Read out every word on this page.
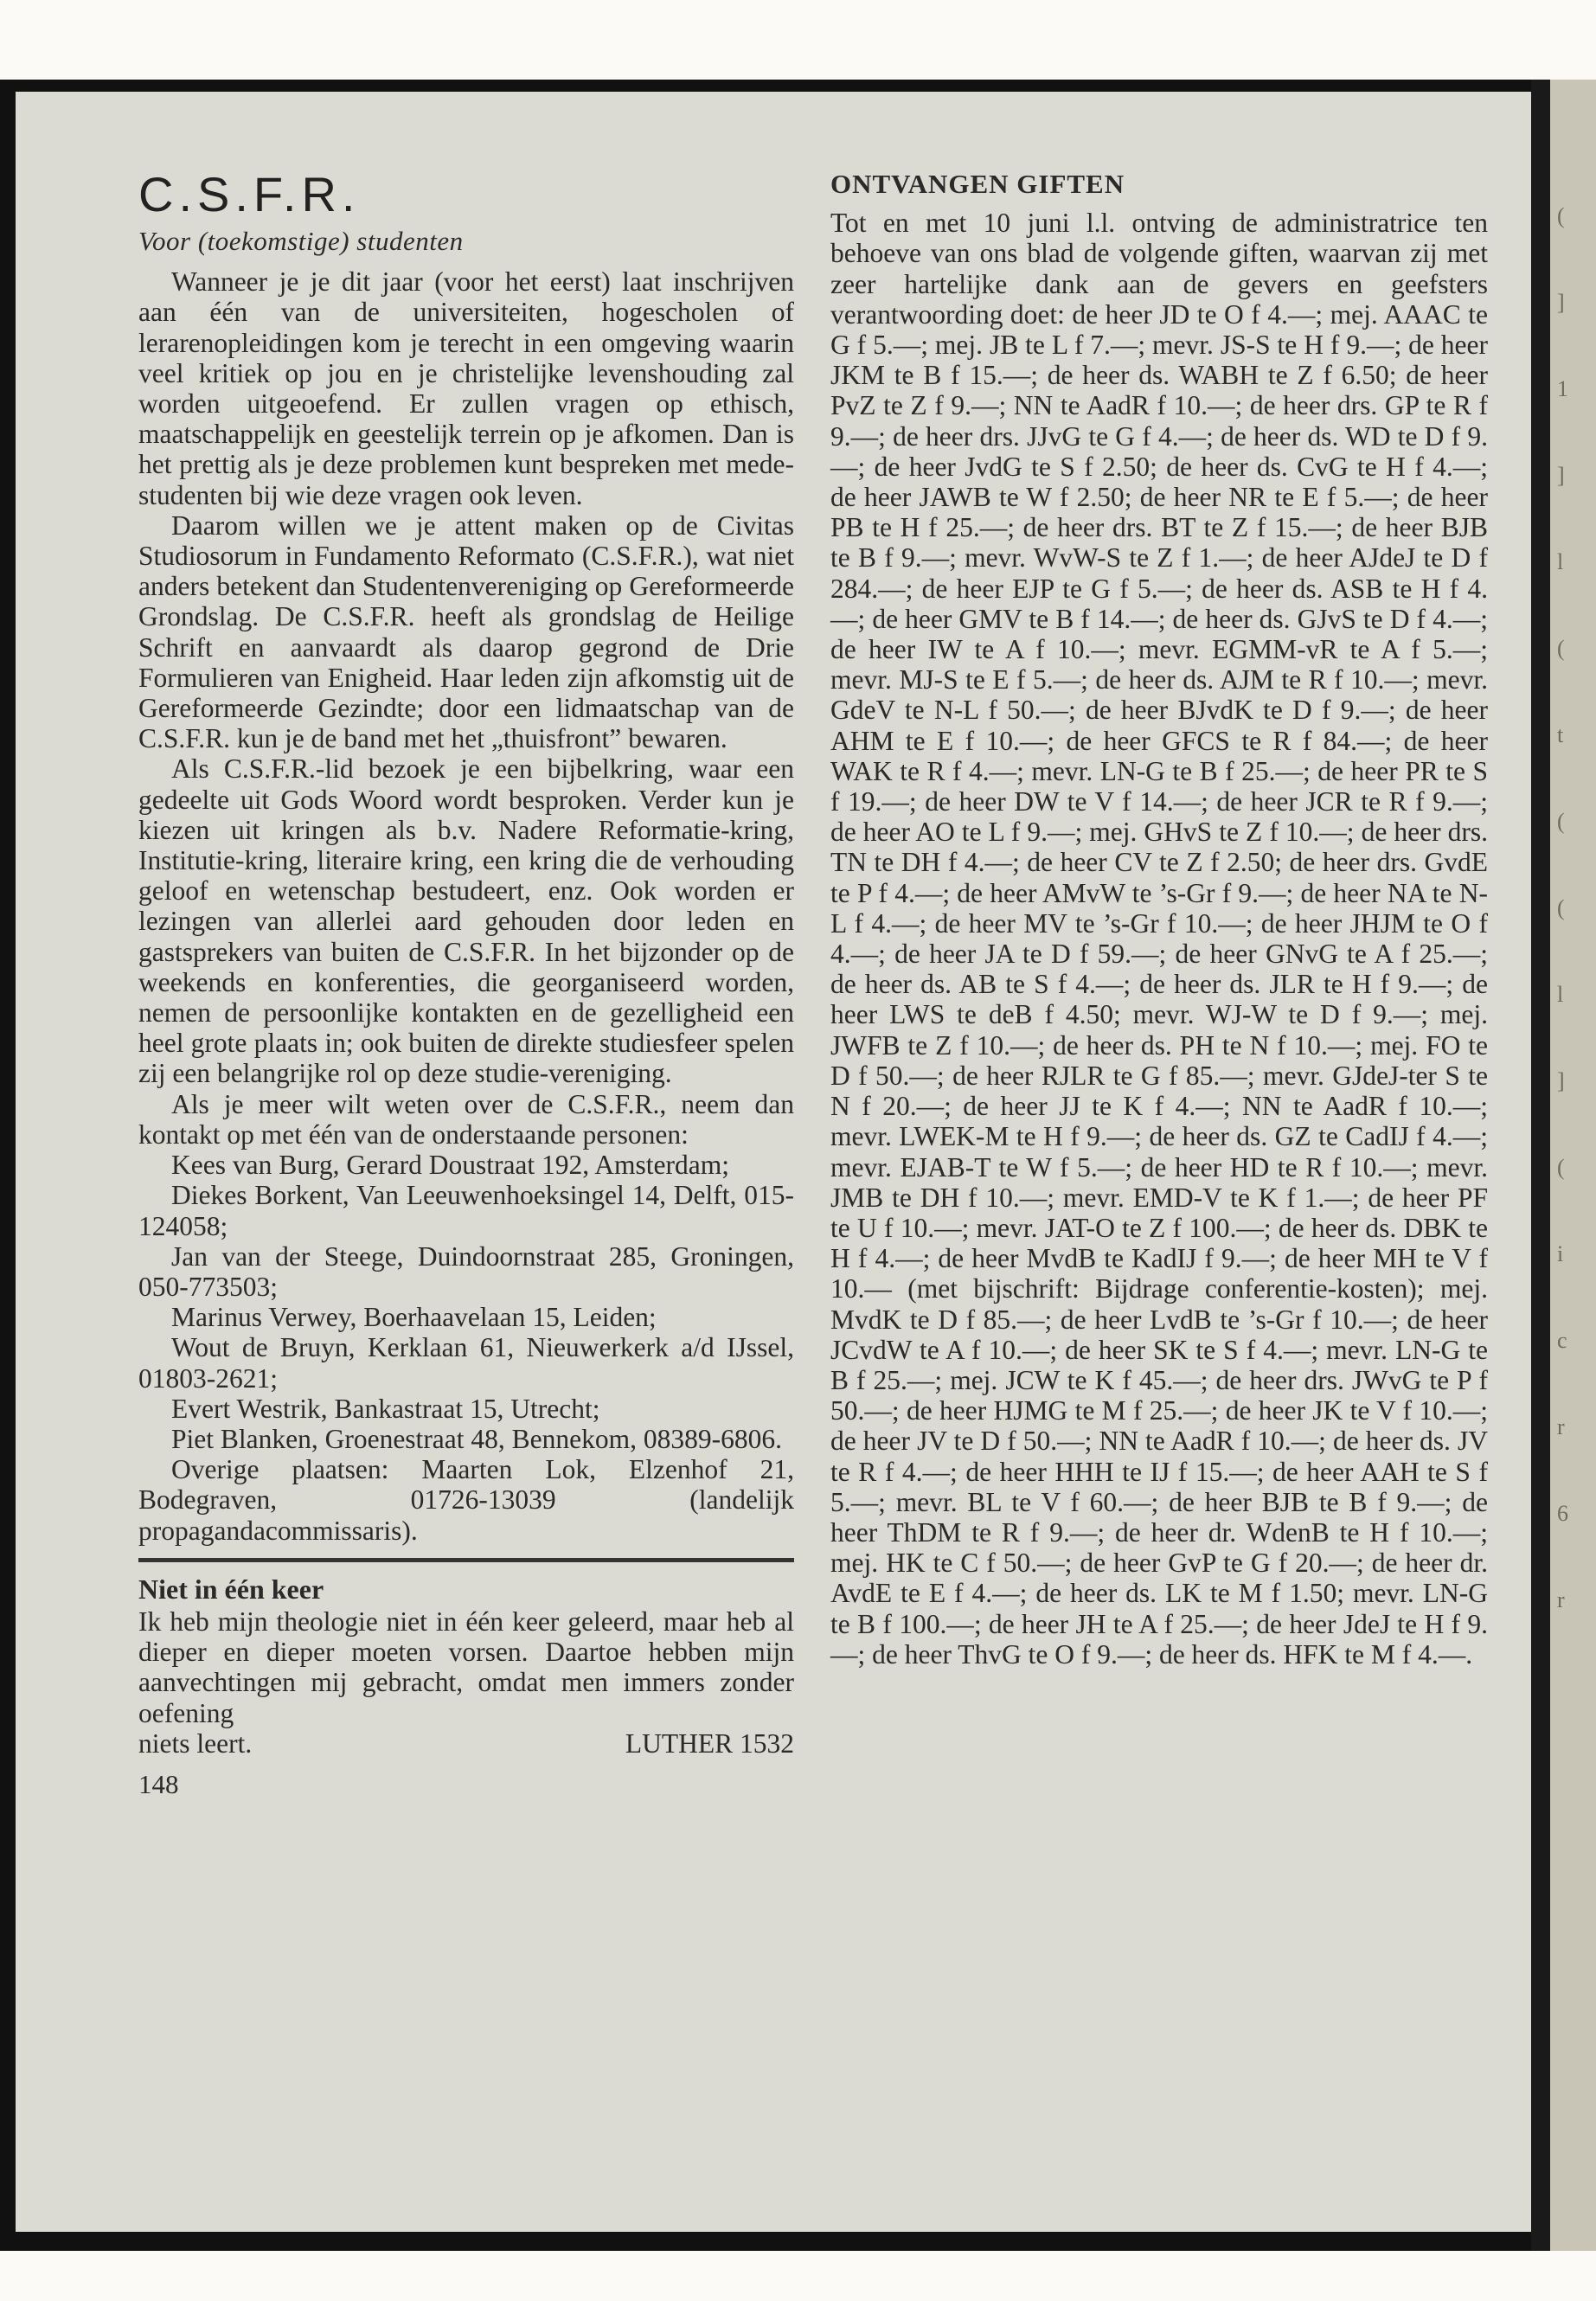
(
]
1
]
l
(
t
(
(
l
]
(
i
c
r
6
r
C.S.F.R.

Voor (toekomstige) studenten

Wanneer je je dit jaar (voor het eerst) laat inschrijven aan één van de universiteiten, hogescholen of lerarenopleidingen kom je terecht in een omgeving waarin veel kritiek op jou en je christelijke levenshouding zal worden uitgeoefend. Er zullen vragen op ethisch, maatschappelijk en geestelijk terrein op je afkomen. Dan is het prettig als je deze problemen kunt bespreken met mede-studenten bij wie deze vragen ook leven.

Daarom willen we je attent maken op de Civitas Studiosorum in Fundamento Reformato (C.S.F.R.), wat niet anders betekent dan Studentenvereniging op Gereformeerde Grondslag. De C.S.F.R. heeft als grondslag de Heilige Schrift en aanvaardt als daarop gegrond de Drie Formulieren van Enigheid. Haar leden zijn afkomstig uit de Gereformeerde Gezindte; door een lidmaatschap van de C.S.F.R. kun je de band met het „thuisfront” bewaren.

Als C.S.F.R.-lid bezoek je een bijbelkring, waar een gedeelte uit Gods Woord wordt besproken. Verder kun je kiezen uit kringen als b.v. Nadere Reformatie-kring, Institutie-kring, literaire kring, een kring die de verhouding geloof en wetenschap bestudeert, enz. Ook worden er lezingen van allerlei aard gehouden door leden en gastsprekers van buiten de C.S.F.R. In het bijzonder op de weekends en konferenties, die georganiseerd worden, nemen de persoonlijke kontakten en de gezelligheid een heel grote plaats in; ook buiten de direkte studiesfeer spelen zij een belangrijke rol op deze studie-vereniging.

Als je meer wilt weten over de C.S.F.R., neem dan kontakt op met één van de onderstaande personen:

Kees van Burg, Gerard Doustraat 192, Amsterdam;

Diekes Borkent, Van Leeuwenhoeksingel 14, Delft, 015-124058;

Jan van der Steege, Duindoornstraat 285, Groningen, 050-773503;

Marinus Verwey, Boerhaavelaan 15, Leiden;

Wout de Bruyn, Kerklaan 61, Nieuwerkerk a/d IJssel, 01803-2621;

Evert Westrik, Bankastraat 15, Utrecht;

Piet Blanken, Groenestraat 48, Bennekom, 08389-6806.

Overige plaatsen: Maarten Lok, Elzenhof 21, Bodegraven, 01726-13039 (landelijk propagandacommissaris).

Niet in één keer

Ik heb mijn theologie niet in één keer geleerd, maar heb al dieper en dieper moeten vorsen. Daartoe hebben mijn aanvechtingen mij gebracht, omdat men immers zonder oefening

niets leert.	LUTHER 1532

148

ONTVANGEN GIFTEN

Tot en met 10 juni l.l. ontving de administratrice ten behoeve van ons blad de volgende giften, waarvan zij met zeer hartelijke dank aan de gevers en geefsters verantwoording doet: de heer JD te O f 4.—; mej. AAAC te G f 5.—; mej. JB te L f 7.—; mevr. JS-S te H f 9.—; de heer JKM te B f 15.—; de heer ds. WABH te Z f 6.50; de heer PvZ te Z f 9.—; NN te AadR f 10.—; de heer drs. GP te R f 9.—; de heer drs. JJvG te G f 4.—; de heer ds. WD te D f 9.—; de heer JvdG te S f 2.50; de heer ds. CvG te H f 4.—; de heer JAWB te W f 2.50; de heer NR te E f 5.—; de heer PB te H f 25.—; de heer drs. BT te Z f 15.—; de heer BJB te B f 9.—; mevr. WvW-S te Z f 1.—; de heer AJdeJ te D f 284.—; de heer EJP te G f 5.—; de heer ds. ASB te H f 4.—; de heer GMV te B f 14.—; de heer ds. GJvS te D f 4.—; de heer IW te A f 10.—; mevr. EGMM-vR te A f 5.—; mevr. MJ-S te E f 5.—; de heer ds. AJM te R f 10.—; mevr. GdeV te N-L f 50.—; de heer BJvdK te D f 9.—; de heer AHM te E f 10.—; de heer GFCS te R f 84.—; de heer WAK te R f 4.—; mevr. LN-G te B f 25.—; de heer PR te S f 19.—; de heer DW te V f 14.—; de heer JCR te R f 9.—; de heer AO te L f 9.—; mej. GHvS te Z f 10.—; de heer drs. TN te DH f 4.—; de heer CV te Z f 2.50; de heer drs. GvdE te P f 4.—; de heer AMvW te ’s-Gr f 9.—; de heer NA te N-L f 4.—; de heer MV te ’s-Gr f 10.—; de heer JHJM te O f 4.—; de heer JA te D f 59.—; de heer GNvG te A f 25.—; de heer ds. AB te S f 4.—; de heer ds. JLR te H f 9.—; de heer LWS te deB f 4.50; mevr. WJ-W te D f 9.—; mej. JWFB te Z f 10.—; de heer ds. PH te N f 10.—; mej. FO te D f 50.—; de heer RJLR te G f 85.—; mevr. GJdeJ-ter S te N f 20.—; de heer JJ te K f 4.—; NN te AadR f 10.—; mevr. LWEK-M te H f 9.—; de heer ds. GZ te CadIJ f 4.—; mevr. EJAB-T te W f 5.—; de heer HD te R f 10.—; mevr. JMB te DH f 10.—; mevr. EMD-V te K f 1.—; de heer PF te U f 10.—; mevr. JAT-O te Z f 100.—; de heer ds. DBK te H f 4.—; de heer MvdB te KadIJ f 9.—; de heer MH te V f 10.— (met bijschrift: Bijdrage conferentie-kosten); mej. MvdK te D f 85.—; de heer LvdB te ’s-Gr f 10.—; de heer JCvdW te A f 10.—; de heer SK te S f 4.—; mevr. LN-G te B f 25.—; mej. JCW te K f 45.—; de heer drs. JWvG te P f 50.—; de heer HJMG te M f 25.—; de heer JK te V f 10.—; de heer JV te D f 50.—; NN te AadR f 10.—; de heer ds. JV te R f 4.—; de heer HHH te IJ f 15.—; de heer AAH te S f 5.—; mevr. BL te V f 60.—; de heer BJB te B f 9.—; de heer ThDM te R f 9.—; de heer dr. WdenB te H f 10.—; mej. HK te C f 50.—; de heer GvP te G f 20.—; de heer dr. AvdE te E f 4.—; de heer ds. LK te M f 1.50; mevr. LN-G te B f 100.—; de heer JH te A f 25.—; de heer JdeJ te H f 9.—; de heer ThvG te O f 9.—; de heer ds. HFK te M f 4.—.
